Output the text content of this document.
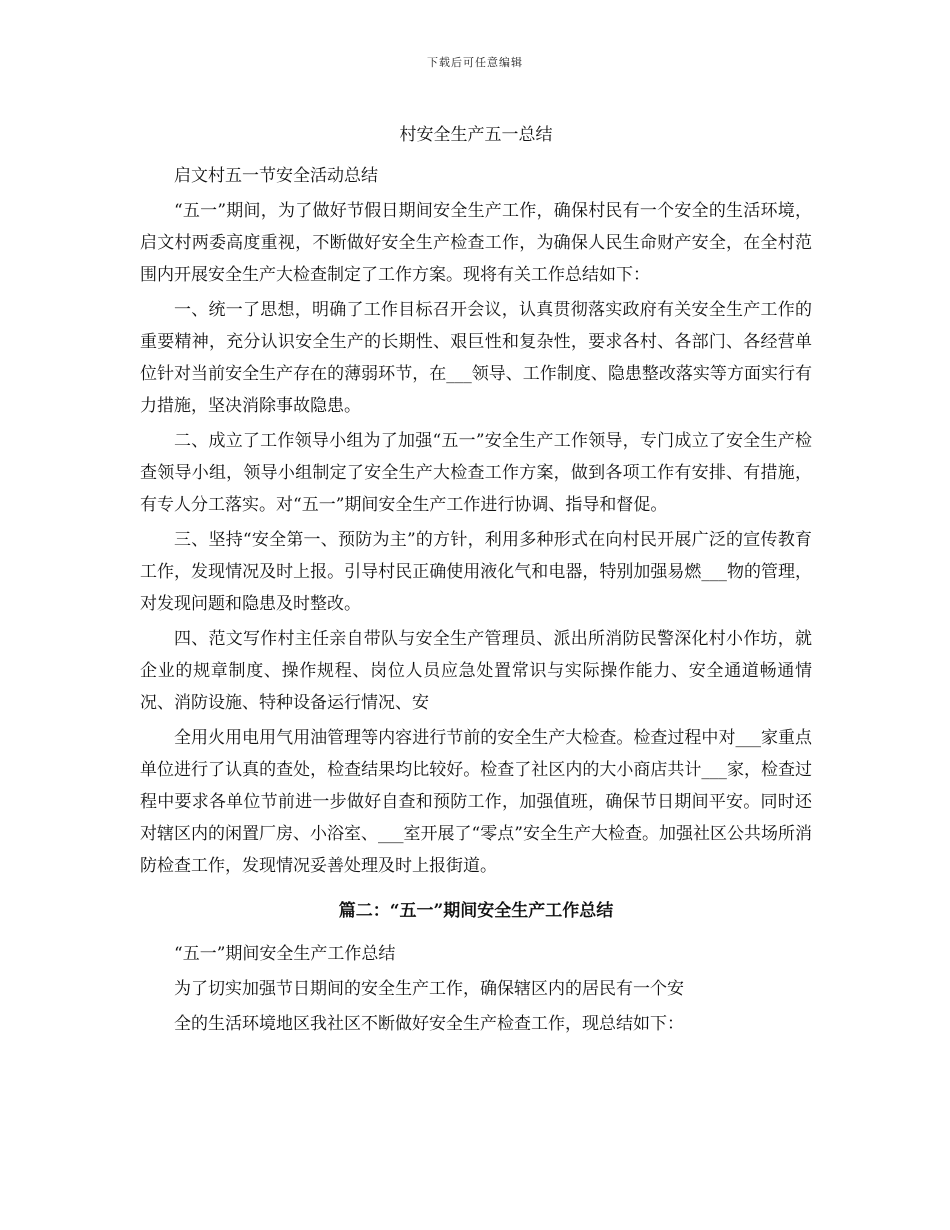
下载后可任意编辑
村安全生产五一总结
启文村五一节安全活动总结

“五一”期间，为了做好节假日期间安全生产工作，确保村民有一个安全的生活环境，启文村两委高度重视，不断做好安全生产检查工作，为确保人民生命财产安全，在全村范围内开展安全生产大检查制定了工作方案。现将有关工作总结如下：

一、统一了思想，明确了工作目标召开会议，认真贯彻落实政府有关安全生产工作的重要精神，充分认识安全生产的长期性、艰巨性和复杂性，要求各村、各部门、各经营单位针对当前安全生产存在的薄弱环节，在___领导、工作制度、隐患整改落实等方面实行有力措施，坚决消除事故隐患。

二、成立了工作领导小组为了加强“五一”安全生产工作领导，专门成立了安全生产检查领导小组，领导小组制定了安全生产大检查工作方案，做到各项工作有安排、有措施，有专人分工落实。对“五一”期间安全生产工作进行协调、指导和督促。

三、坚持“安全第一、预防为主”的方针，利用多种形式在向村民开展广泛的宣传教育工作，发现情况及时上报。引导村民正确使用液化气和电器，特别加强易燃___物的管理，对发现问题和隐患及时整改。

四、范文写作村主任亲自带队与安全生产管理员、派出所消防民警深化村小作坊，就企业的规章制度、操作规程、岗位人员应急处置常识与实际操作能力、安全通道畅通情况、消防设施、特种设备运行情况、安

全用火用电用气用油管理等内容进行节前的安全生产大检查。检查过程中对___家重点单位进行了认真的查处，检查结果均比较好。检查了社区内的大小商店共计___家，检查过程中要求各单位节前进一步做好自查和预防工作，加强值班，确保节日期间平安。同时还对辖区内的闲置厂房、小浴室、___室开展了“零点”安全生产大检查。加强社区公共场所消防检查工作，发现情况妥善处理及时上报街道。

篇二：“五一”期间安全生产工作总结
“五一”期间安全生产工作总结
为了切实加强节日期间的安全生产工作，确保辖区内的居民有一个安
全的生活环境地区我社区不断做好安全生产检查工作，现总结如下：
